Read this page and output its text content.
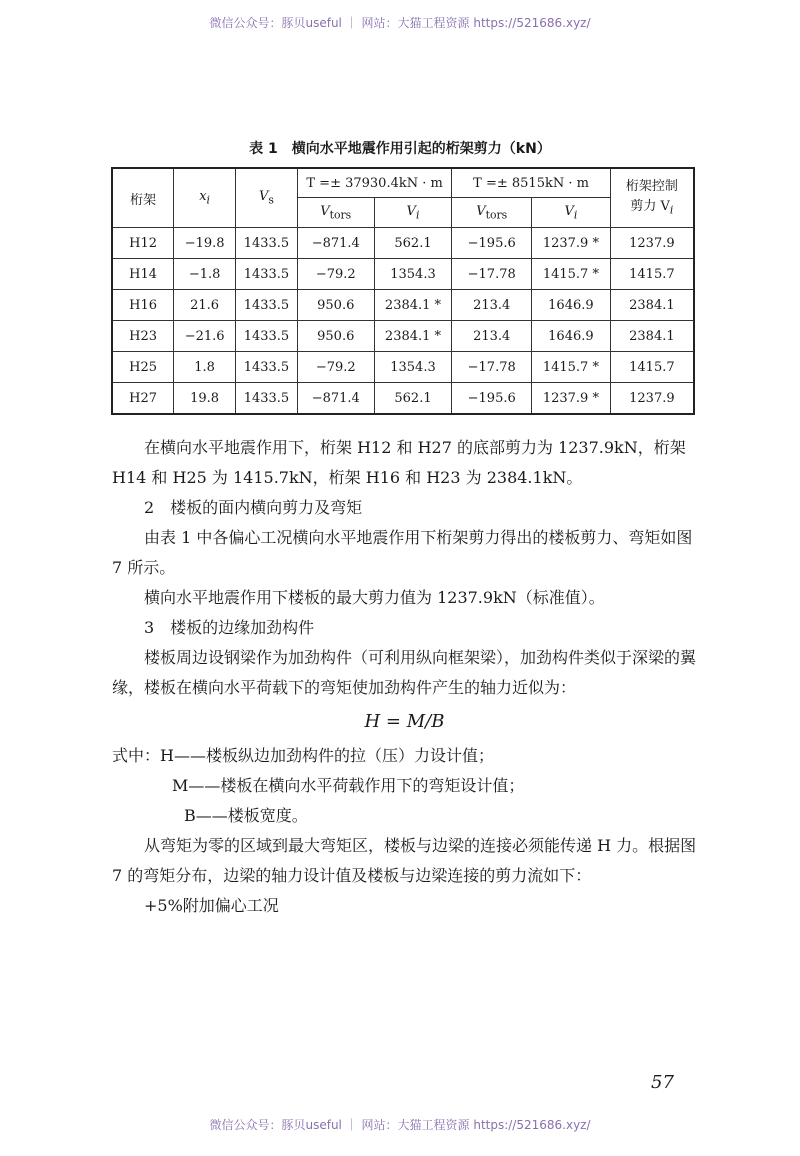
微信公众号：豚贝useful ｜ 网站：大猫工程资源 https://521686.xyz/
表 1 横向水平地震作用引起的桁架剪力（kN）
桁架	$x_i$	$V_s$	T =± 37930.4kN · m		T =± 8515kN · m		桁架控制
剪力 $V_i$

			$V_{tors}$	$V_i$	$V_{tors}$	$V_i$
H12	−19.8	1433.5	−871.4	562.1	−195.6	1237.9 *	1237.9
H14	−1.8	1433.5	−79.2	1354.3	−17.78	1415.7 *	1415.7
H16	21.6	1433.5	950.6	2384.1 *	213.4	1646.9	2384.1
H23	−21.6	1433.5	950.6	2384.1 *	213.4	1646.9	2384.1
H25	1.8	1433.5	−79.2	1354.3	−17.78	1415.7 *	1415.7
H27	19.8	1433.5	−871.4	562.1	−195.6	1237.9 *	1237.9

在横向水平地震作用下，桁架 H12 和 H27 的底部剪力为 1237.9kN，桁架 H14 和 H25 为 1415.7kN，桁架 H16 和 H23 为 2384.1kN。

2　楼板的面内横向剪力及弯矩

由表 1 中各偏心工况横向水平地震作用下桁架剪力得出的楼板剪力、弯矩如图 7 所示。

横向水平地震作用下楼板的最大剪力值为 1237.9kN（标准值）。

3　楼板的边缘加劲构件

楼板周边设钢梁作为加劲构件（可利用纵向框架梁），加劲构件类似于深梁的翼缘，楼板在横向水平荷载下的弯矩使加劲构件产生的轴力近似为：

H = M/B

式中：H——楼板纵边加劲构件的拉（压）力设计值；

M——楼板在横向水平荷载作用下的弯矩设计值；

B——楼板宽度。

从弯矩为零的区域到最大弯矩区，楼板与边梁的连接必须能传递 H 力。根据图 7 的弯矩分布，边梁的轴力设计值及楼板与边梁连接的剪力流如下：

+5%附加偏心工况

57
微信公众号：豚贝useful ｜ 网站：大猫工程资源 https://521686.xyz/
